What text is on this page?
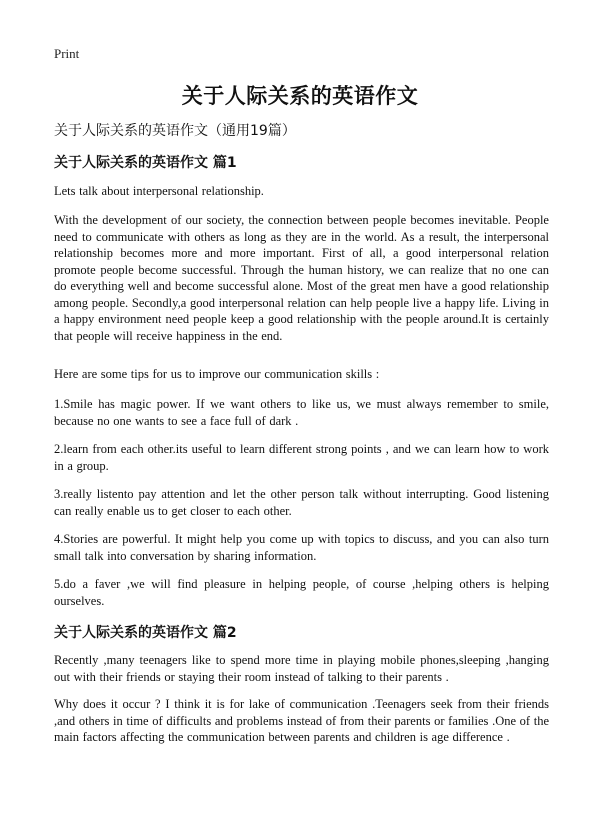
Print
关于人际关系的英语作文
关于人际关系的英语作文（通用19篇）
关于人际关系的英语作文 篇1
Lets talk about interpersonal relationship.
With the development of our society, the connection between people becomes inevitable. People need to communicate with others as long as they are in the world. As a result, the interpersonal relationship becomes more and more important. First of all, a good interpersonal relation promote people become successful. Through the human history, we can realize that no one can do everything well and become successful alone. Most of the great men have a good relationship among people. Secondly,a good interpersonal relation can help people live a happy life. Living in a happy environment need people keep a good relationship with the people around.It is certainly that people will receive happiness in the end.
Here are some tips for us to improve our communication skills :
1.Smile has magic power. If we want others to like us, we must always remember to smile, because no one wants to see a face full of dark .
2.learn from each other.its useful to learn different strong points , and we can learn how to work in a group.
3.really listento pay attention and let the other person talk without interrupting. Good listening can really enable us to get closer to each other.
4.Stories are powerful. It might help you come up with topics to discuss, and you can also turn small talk into conversation by sharing information.
5.do a faver ,we will find pleasure in helping people, of course ,helping others is helping ourselves.
关于人际关系的英语作文 篇2
Recently ,many teenagers like to spend more time in playing mobile phones,sleeping ,hanging out with their friends or staying their room instead of talking to their parents .
Why does it occur ? I think it is for lake of communication .Teenagers seek from their friends ,and others in time of difficults and problems instead of from their parents or families .One of the main factors affecting the communication between parents and children is age difference .
